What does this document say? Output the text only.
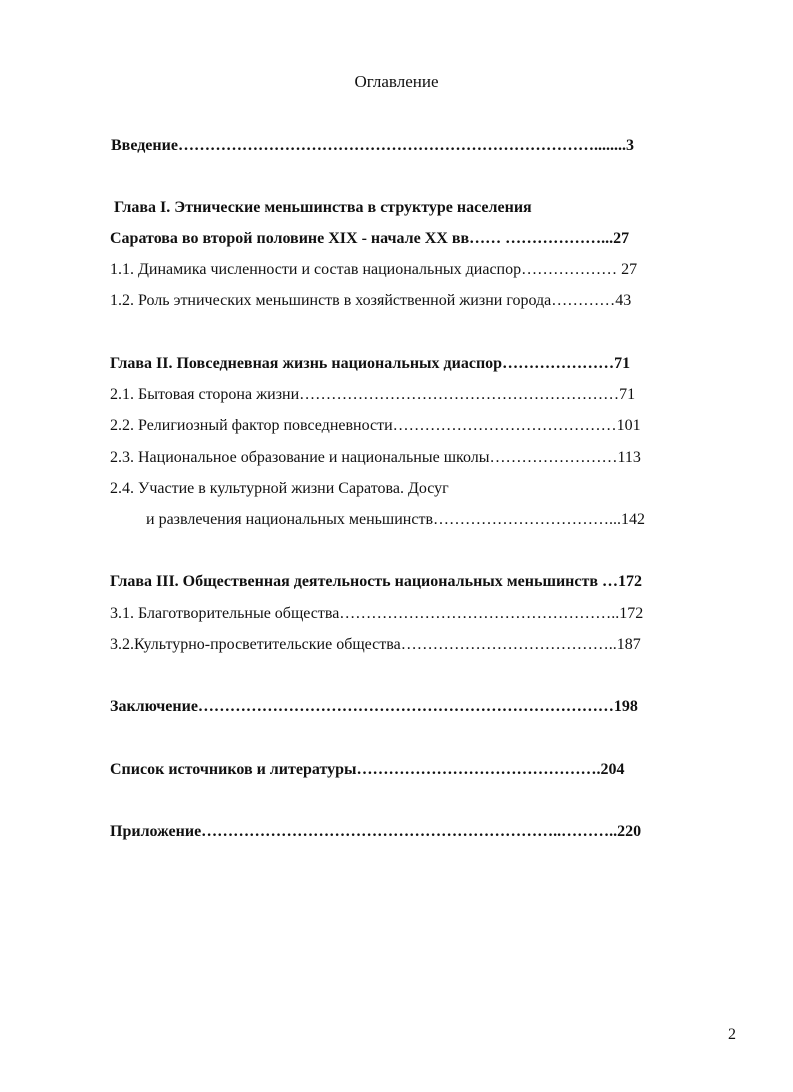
Оглавление
Введение……………………………………………………………………........3
Глава I. Этнические меньшинства в структуре населения
Саратова во второй половине XIX - начале XX вв…… ………………...27
1.1. Динамика численности и состав национальных диаспор……………… 27
1.2. Роль этнических меньшинств в хозяйственной жизни города…………43
Глава II. Повседневная жизнь национальных диаспор…………………71
2.1. Бытовая сторона жизни……………………………………………………71
2.2. Религиозный фактор повседневности……………………………………101
2.3. Национальное образование и национальные школы……………………113
2.4. Участие в культурной жизни Саратова. Досуг
и развлечения национальных меньшинств……………………………...142
Глава III. Общественная деятельность национальных меньшинств …172
3.1. Благотворительные общества……………………………………………..172
3.2.Культурно-просветительские общества…………………………………..187
Заключение……………………………………………………………………198
Список источников и литературы……………………………………….204
Приложение…………………………………………………………..………..220
2
